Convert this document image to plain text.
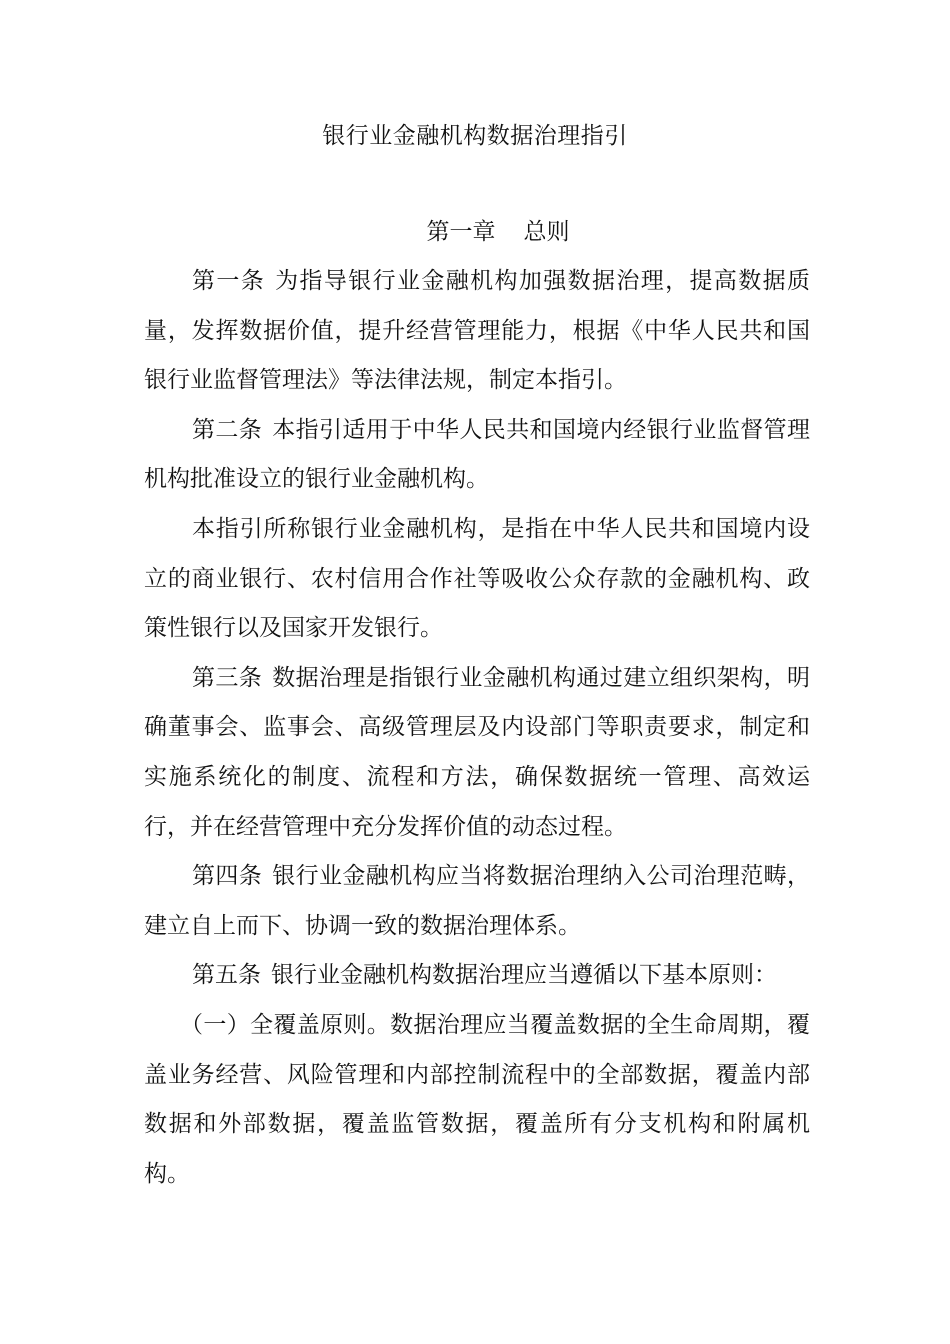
银行业金融机构数据治理指引
第一章 总则

第一条 为指导银行业金融机构加强数据治理，提高数据质量，发挥数据价值，提升经营管理能力，根据《中华人民共和国银行业监督管理法》等法律法规，制定本指引。

第二条 本指引适用于中华人民共和国境内经银行业监督管理机构批准设立的银行业金融机构。

本指引所称银行业金融机构，是指在中华人民共和国境内设立的商业银行、农村信用合作社等吸收公众存款的金融机构、政策性银行以及国家开发银行。

第三条 数据治理是指银行业金融机构通过建立组织架构，明确董事会、监事会、高级管理层及内设部门等职责要求，制定和实施系统化的制度、流程和方法，确保数据统一管理、高效运行，并在经营管理中充分发挥价值的动态过程。

第四条 银行业金融机构应当将数据治理纳入公司治理范畴，建立自上而下、协调一致的数据治理体系。

第五条 银行业金融机构数据治理应当遵循以下基本原则：

（一）全覆盖原则。数据治理应当覆盖数据的全生命周期，覆盖业务经营、风险管理和内部控制流程中的全部数据，覆盖内部数据和外部数据，覆盖监管数据，覆盖所有分支机构和附属机构。
